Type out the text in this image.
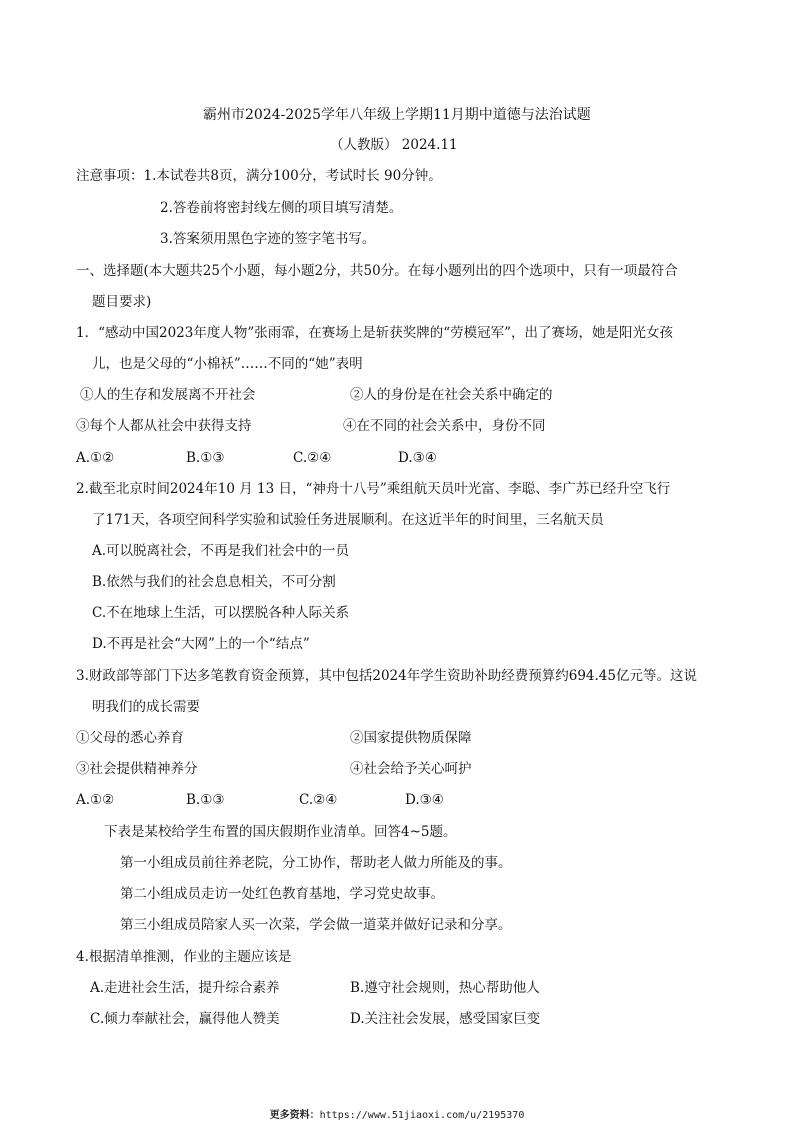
霸州市2024-2025学年八年级上学期11月期中道德与法治试题
（人教版） 2024.11
注意事项：1.本试卷共8页，满分100分，考试时长 90分钟。
2.答卷前将密封线左侧的项目填写清楚。
3.答案须用黑色字迹的签字笔书写。
一、选择题(本大题共25个小题，每小题2分，共50分。在每小题列出的四个选项中，只有一项最符合
题目要求)
1．“感动中国2023年度人物”张雨霏，在赛场上是斩获奖牌的“劳模冠军”，出了赛场，她是阳光女孩
儿，也是父母的“小棉袄”……不同的“她”表明
①人的生存和发展离不开社会	②人的身份是在社会关系中确定的
③每个人都从社会中获得支持	④在不同的社会关系中，身份不同
A.①②	B.①③	C.②④	D.③④
2.截至北京时间2024年10 月 13 日，“神舟十八号”乘组航天员叶光富、李聪、李广苏已经升空飞行
了171天，各项空间科学实验和试验任务进展顺利。在这近半年的时间里，三名航天员
A.可以脱离社会，不再是我们社会中的一员
B.依然与我们的社会息息相关，不可分割
C.不在地球上生活，可以摆脱各种人际关系
D.不再是社会“大网”上的一个“结点”
3.财政部等部门下达多笔教育资金预算，其中包括2024年学生资助补助经费预算约694.45亿元等。这说
明我们的成长需要
①父母的悉心养育	②国家提供物质保障
③社会提供精神养分	④社会给予关心呵护
A.①②	B.①③	C.②④	D.③④
下表是某校给学生布置的国庆假期作业清单。回答4~5题。
第一小组成员前往养老院，分工协作，帮助老人做力所能及的事。
第二小组成员走访一处红色教育基地，学习党史故事。
第三小组成员陪家人买一次菜，学会做一道菜并做好记录和分享。
4.根据清单推测，作业的主题应该是
A.走进社会生活，提升综合素养	B.遵守社会规则，热心帮助他人
C.倾力奉献社会，赢得他人赞美	D.关注社会发展，感受国家巨变
更多资料：https://www.51jiaoxi.com/u/2195370
